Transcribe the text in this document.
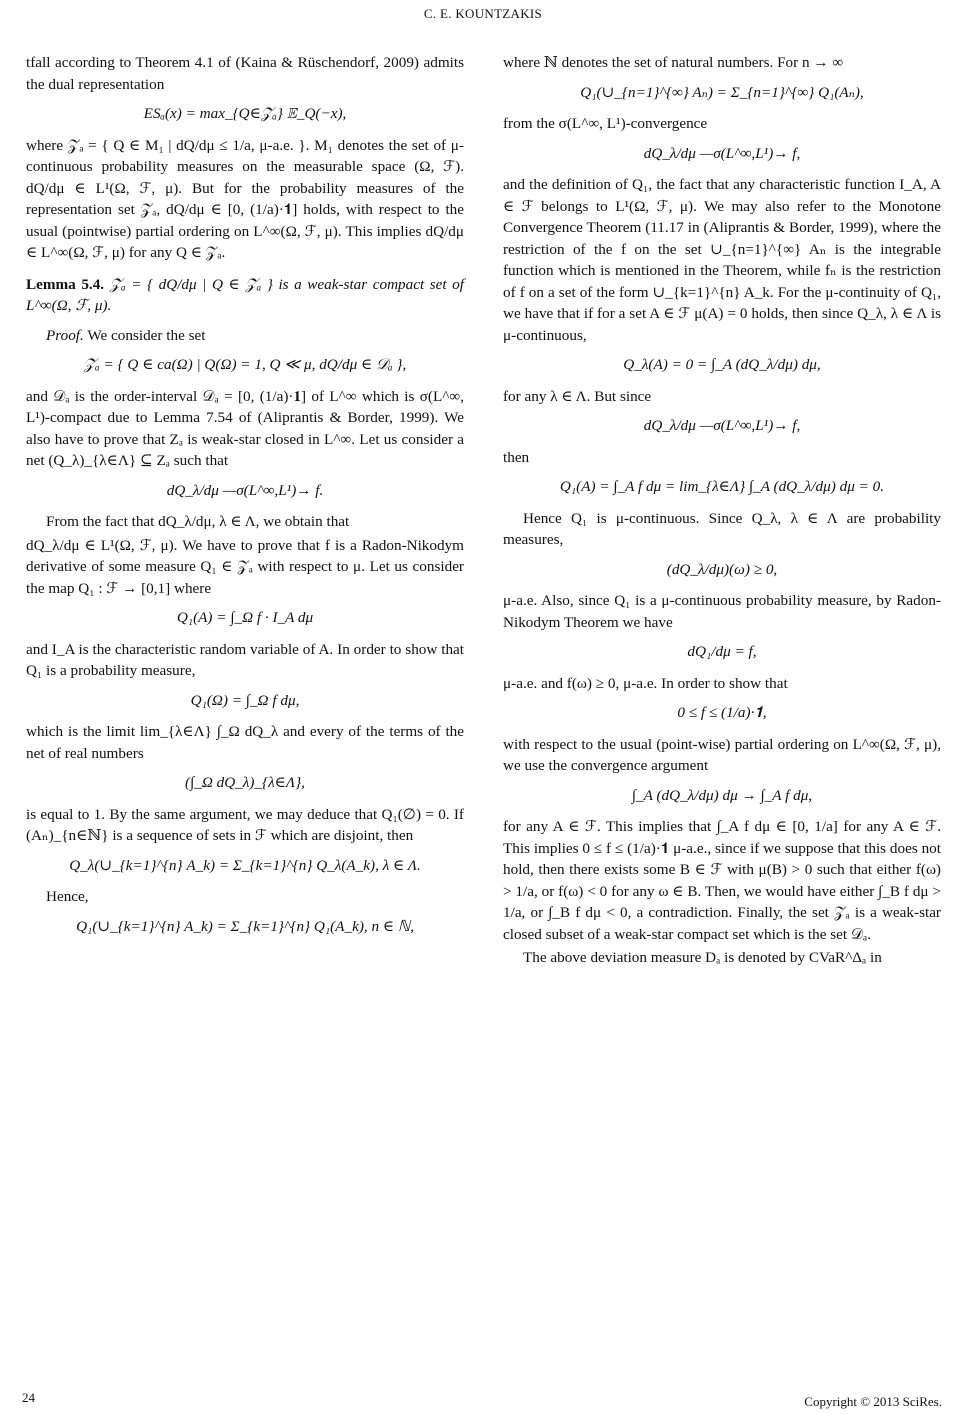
C. E. KOUNTZAKIS
tfall according to Theorem 4.1 of (Kaina & Rüschendorf, 2009) admits the dual representation
ESₐ(x) = max_{Q∈𝒵ₐ} 𝔼_Q(−x),
where 𝒵ₐ = { Q ∈ M₁ | dQ/dμ ≤ 1/a, μ-a.e. }. M₁ denotes the set of μ-continuous probability measures on the measurable space (Ω, ℱ). dQ/dμ ∈ L¹(Ω, ℱ, μ). But for the probability measures of the representation set 𝒵ₐ, dQ/dμ ∈ [0, (1/a)·𝟏] holds, with respect to the usual (pointwise) partial ordering on L^∞(Ω, ℱ, μ). This implies dQ/dμ ∈ L^∞(Ω, ℱ, μ) for any Q ∈ 𝒵ₐ.
Lemma 5.4. 𝒵ₐ = { dQ/dμ | Q ∈ 𝒵ₐ } is a weak-star compact set of L^∞(Ω, ℱ, μ).
Proof. We consider the set
𝒵ₐ = { Q ∈ ca(Ω) | Q(Ω) = 1, Q ≪ μ, dQ/dμ ∈ 𝒟ₐ },
and 𝒟ₐ is the order-interval 𝒟ₐ = [0, (1/a)·𝟏] of L^∞ which is σ(L^∞, L¹)-compact due to Lemma 7.54 of (Aliprantis & Border, 1999). We also have to prove that Zₐ is weak-star closed in L^∞. Let us consider a net (Q_λ)_{λ∈Λ} ⊆ Zₐ such that
dQ_λ/dμ —σ(L^∞,L¹)→ f.
From the fact that dQ_λ/dμ, λ ∈ Λ, we obtain that
dQ_λ/dμ ∈ L¹(Ω, ℱ, μ). We have to prove that f is a Radon-Nikodym derivative of some measure Q₁ ∈ 𝒵ₐ with respect to μ. Let us consider the map Q₁ : ℱ → [0,1] where
Q₁(A) = ∫_Ω f · I_A dμ
and I_A is the characteristic random variable of A. In order to show that Q₁ is a probability measure,
Q₁(Ω) = ∫_Ω f dμ,
which is the limit lim_{λ∈Λ} ∫_Ω dQ_λ and every of the terms of the net of real numbers
(∫_Ω dQ_λ)_{λ∈Λ},
is equal to 1. By the same argument, we may deduce that Q₁(∅) = 0. If (Aₙ)_{n∈ℕ} is a sequence of sets in ℱ which are disjoint, then
Q_λ(∪_{k=1}^{n} A_k) = Σ_{k=1}^{n} Q_λ(A_k), λ ∈ Λ.
Hence,
Q₁(∪_{k=1}^{n} A_k) = Σ_{k=1}^{n} Q₁(A_k), n ∈ ℕ,
where ℕ denotes the set of natural numbers. For n → ∞
Q₁(∪_{n=1}^{∞} Aₙ) = Σ_{n=1}^{∞} Q₁(Aₙ),
from the σ(L^∞, L¹)-convergence
dQ_λ/dμ —σ(L^∞,L¹)→ f,
and the definition of Q₁, the fact that any characteristic function I_A, A ∈ ℱ belongs to L¹(Ω, ℱ, μ). We may also refer to the Monotone Convergence Theorem (11.17 in (Aliprantis & Border, 1999), where the restriction of the f on the set ∪_{n=1}^{∞} Aₙ is the integrable function which is mentioned in the Theorem, while fₙ is the restriction of f on a set of the form ∪_{k=1}^{n} A_k. For the μ-continuity of Q₁, we have that if for a set A ∈ ℱ μ(A) = 0 holds, then since Q_λ, λ ∈ Λ is μ-continuous,
Q_λ(A) = 0 = ∫_A (dQ_λ/dμ) dμ,
for any λ ∈ Λ. But since
dQ_λ/dμ —σ(L^∞,L¹)→ f,
then
Q₁(A) = ∫_A f dμ = lim_{λ∈Λ} ∫_A (dQ_λ/dμ) dμ = 0.
Hence Q₁ is μ-continuous. Since Q_λ, λ ∈ Λ are probability measures,
(dQ_λ/dμ)(ω) ≥ 0,
μ-a.e. Also, since Q₁ is a μ-continuous probability measure, by Radon-Nikodym Theorem we have
dQ₁/dμ = f,
μ-a.e. and f(ω) ≥ 0, μ-a.e. In order to show that
0 ≤ f ≤ (1/a)·𝟏,
with respect to the usual (point-wise) partial ordering on L^∞(Ω, ℱ, μ), we use the convergence argument
∫_A (dQ_λ/dμ) dμ → ∫_A f dμ,
for any A ∈ ℱ. This implies that ∫_A f dμ ∈ [0, 1/a] for any A ∈ ℱ. This implies 0 ≤ f ≤ (1/a)·𝟏 μ-a.e., since if we suppose that this does not hold, then there exists some B ∈ ℱ with μ(B) > 0 such that either f(ω) > 1/a, or f(ω) < 0 for any ω ∈ B. Then, we would have either ∫_B f dμ > 1/a, or ∫_B f dμ < 0, a contradiction. Finally, the set 𝒵ₐ is a weak-star closed subset of a weak-star compact set which is the set 𝒟ₐ.
The above deviation measure Dₐ is denoted by CVaR^Δₐ in
24	Copyright © 2013 SciRes.
